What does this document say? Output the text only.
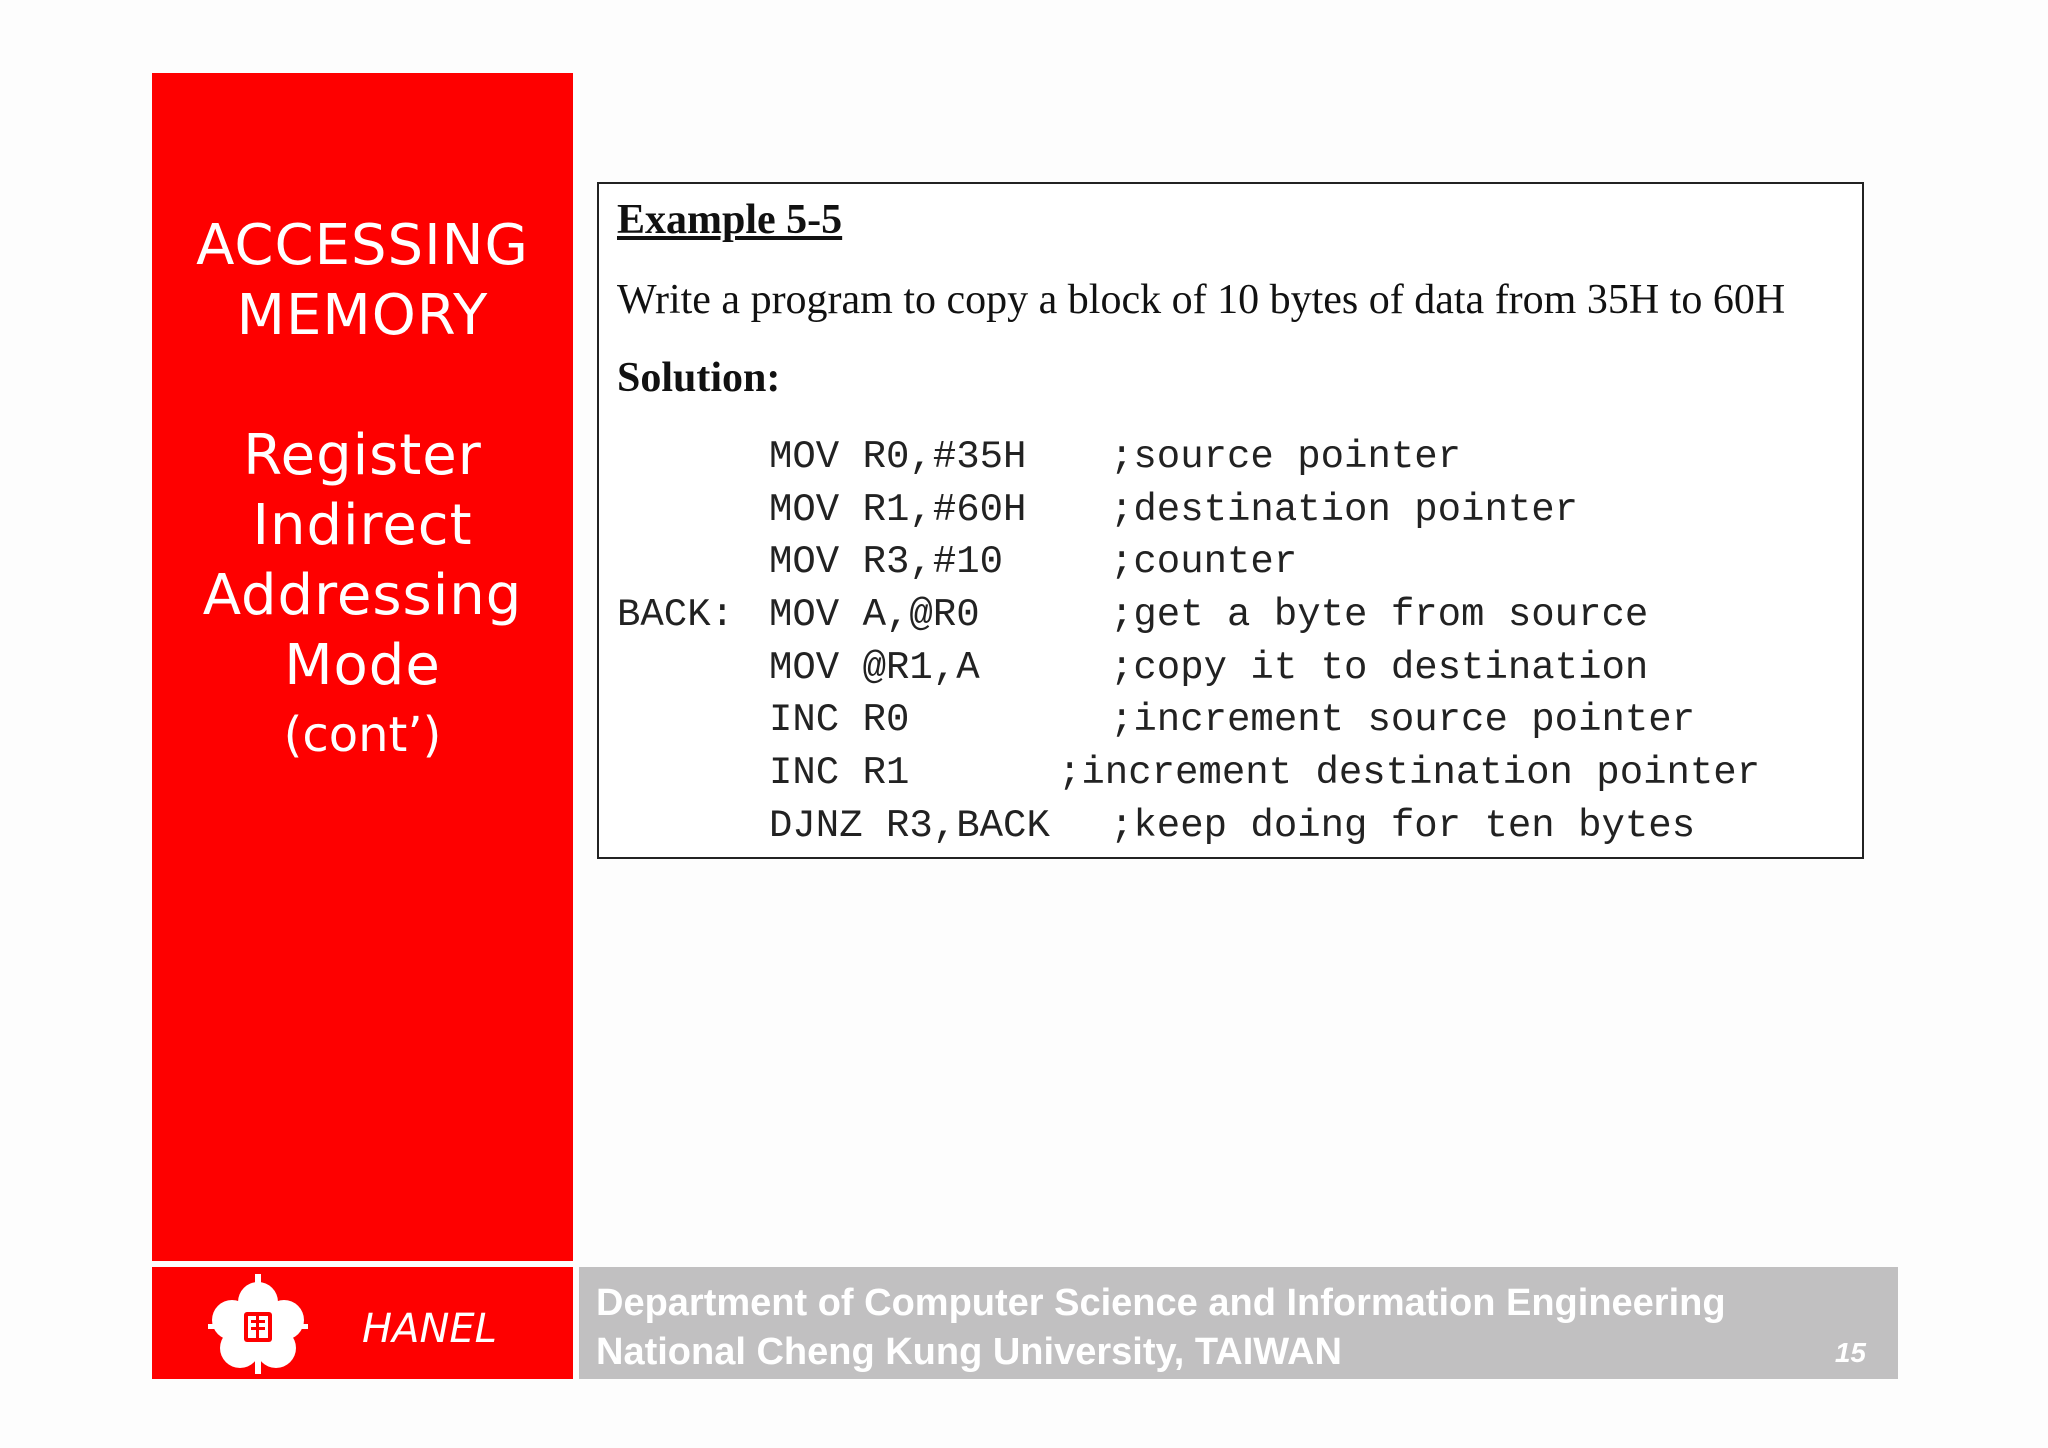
ACCESSING
MEMORY
Register
Indirect
Addressing
Mode
(cont’)
Example 5-5
Write a program to copy a block of 10 bytes of data from 35H to 60H
Solution:
MOV R0,#35H ;source pointer
MOV R1,#60H ;destination pointer
MOV R3,#10	;counter
BACK: MOV A,@R0	;get a byte from source
MOV @R1,A	;copy it to destination
INC R0	;increment source pointer
INC R1	;increment destination pointer
DJNZ R3,BACK ;keep doing for ten bytes
HANEL
Department of Computer Science and Information Engineering
National Cheng Kung University, TAIWAN	15
